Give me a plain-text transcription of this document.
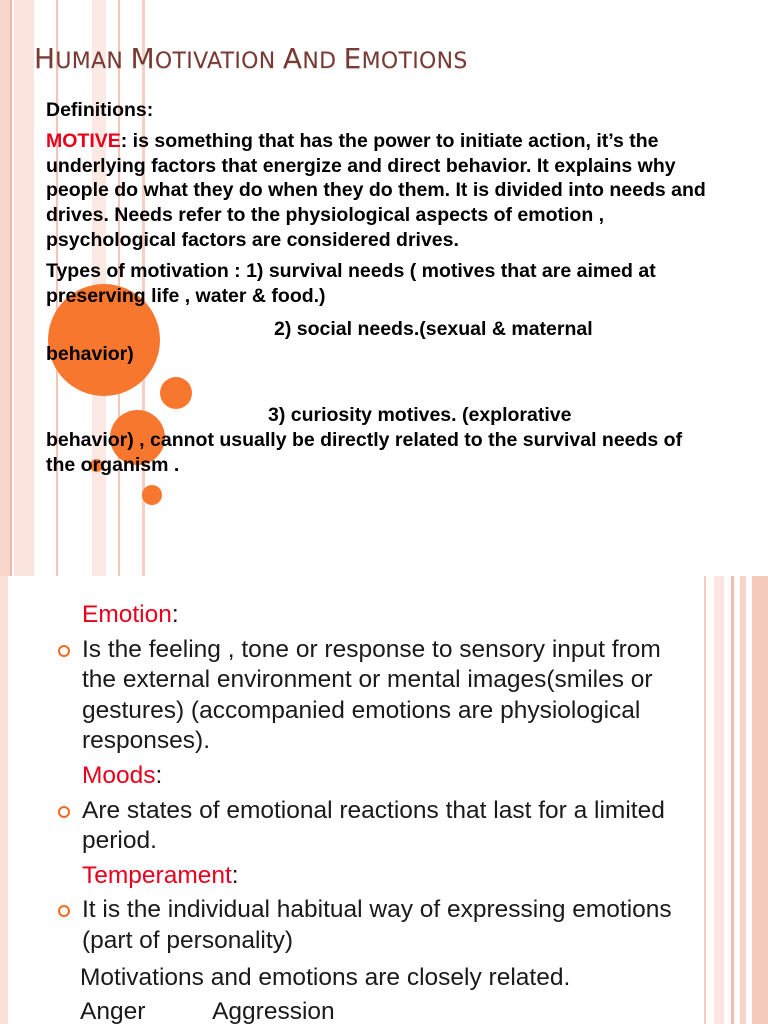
HUMAN MOTIVATION AND EMOTIONS

Definitions:

MOTIVE: is something that has the power to initiate action, it’s the underlying factors that energize and direct behavior. It explains why people do what they do when they do them. It is divided into needs and drives. Needs refer to the physiological aspects of emotion , psychological factors are considered drives.

Types of motivation : 1) survival needs ( motives that are aimed at preserving life , water & food.)

2) social needs.(sexual & maternal

behavior)

3) curiosity motives. (explorative

behavior) , cannot usually be directly related to the survival needs of the organism .

Emotion:

Is the feeling , tone or response to sensory input from the external environment or mental images(smiles or gestures) (accompanied emotions are physiological responses).

Moods:

Are states of emotional reactions that last for a limited period.

Temperament:

It is the individual habitual way of expressing emotions (part of personality)

Motivations and emotions are closely related.

Anger          Aggression
